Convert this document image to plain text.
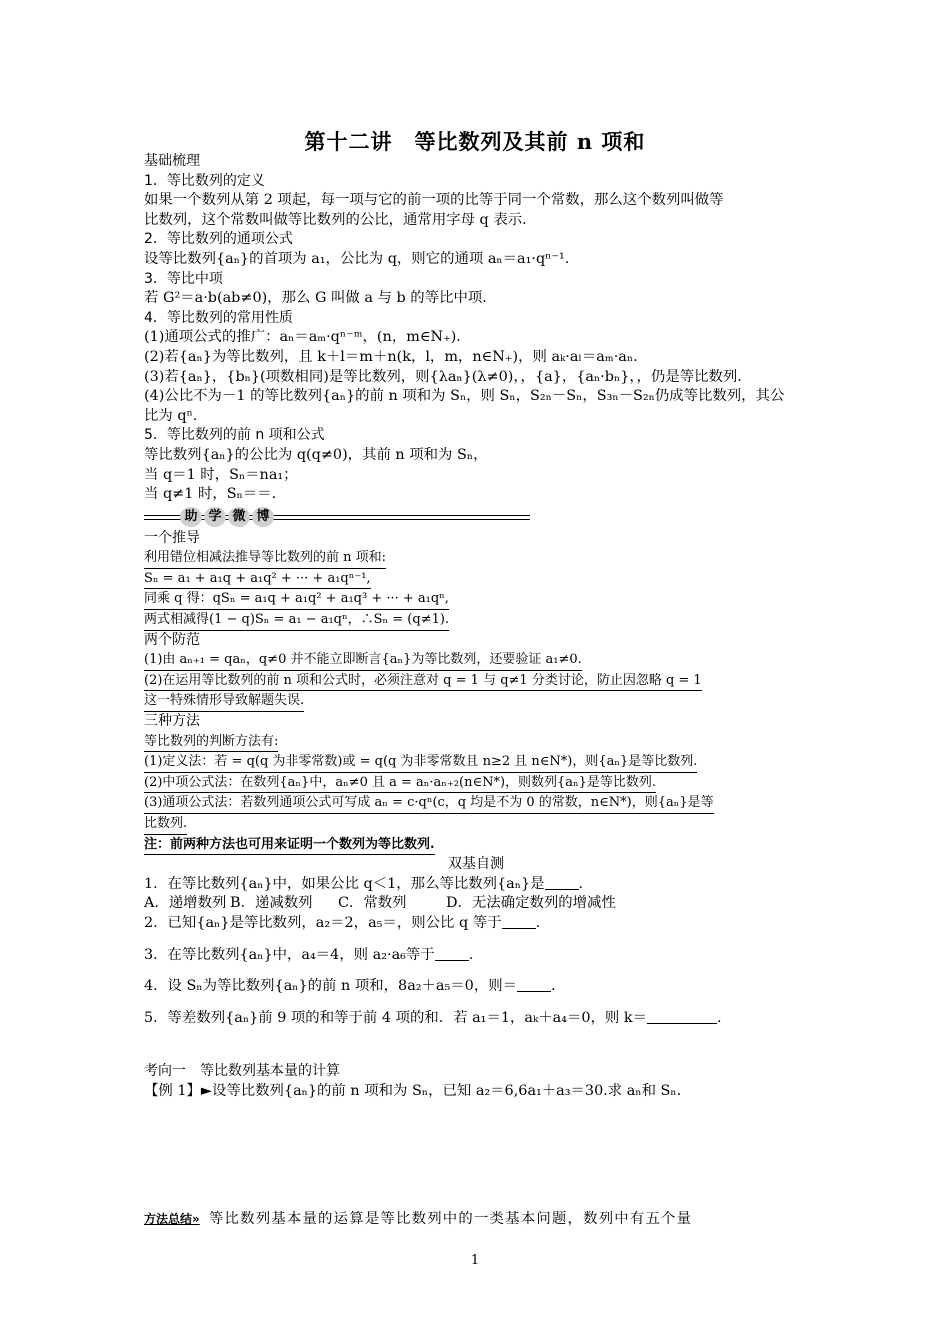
第十二讲　等比数列及其前 n 项和
基础梳理
1．等比数列的定义
如果一个数列从第 2 项起，每一项与它的前一项的比等于同一个常数，那么这个数列叫做等
比数列，这个常数叫做等比数列的公比，通常用字母 q 表示．
2．等比数列的通项公式
设等比数列{aₙ}的首项为 a₁，公比为 q，则它的通项 aₙ＝a₁·qⁿ⁻¹.
3．等比中项
若 G²＝a·b(ab≠0)，那么 G 叫做 a 与 b 的等比中项．
4．等比数列的常用性质
(1)通项公式的推广：aₙ＝aₘ·qⁿ⁻ᵐ，(n，m∈N₊)．
(2)若{aₙ}为等比数列，且 k＋l＝m＋n(k，l，m，n∈N₊)，则 aₖ·aₗ＝aₘ·aₙ.
(3)若{aₙ}，{bₙ}(项数相同)是等比数列，则{λaₙ}(λ≠0)，，{a}，{aₙ·bₙ}，，仍是等比数列．
(4)公比不为－1 的等比数列{aₙ}的前 n 项和为 Sₙ，则 Sₙ，S₂ₙ－Sₙ，S₃ₙ－S₂ₙ仍成等比数列，其公
比为 qⁿ.
5．等比数列的前 n 项和公式
等比数列{aₙ}的公比为 q(q≠0)，其前 n 项和为 Sₙ，
当 q＝1 时，Sₙ＝na₁；
当 q≠1 时，Sₙ＝＝.
助 学 微 博
一个推导
利用错位相减法推导等比数列的前 n 项和:
Sₙ = a₁ + a₁q + a₁q² + ··· + a₁qⁿ⁻¹,
同乘 q 得：qSₙ = a₁q + a₁q² + a₁q³ + ··· + a₁qⁿ,
两式相减得(1 − q)Sₙ = a₁ − a₁qⁿ，∴Sₙ = (q≠1).
两个防范
(1)由 aₙ₊₁ = qaₙ，q≠0 并不能立即断言{aₙ}为等比数列，还要验证 a₁≠0.
(2)在运用等比数列的前 n 项和公式时，必须注意对 q = 1 与 q≠1 分类讨论，防止因忽略 q = 1
这一特殊情形导致解题失误.
三种方法
等比数列的判断方法有:
(1)定义法：若 = q(q 为非零常数)或 = q(q 为非零常数且 n≥2 且 n∈N*)，则{aₙ}是等比数列.
(2)中项公式法：在数列{aₙ}中，aₙ≠0 且 a = aₙ·aₙ₊₂(n∈N*)，则数列{aₙ}是等比数列.
(3)通项公式法：若数列通项公式可写成 aₙ = c·qⁿ(c，q 均是不为 0 的常数，n∈N*)，则{aₙ}是等
比数列.
注：前两种方法也可用来证明一个数列为等比数列.
双基自测
1．在等比数列{aₙ}中，如果公比 q＜1，那么等比数列{aₙ}是 .
A．递增数列 B．递减数列 C．常数列	D．无法确定数列的增减性
2．已知{aₙ}是等比数列，a₂＝2，a₅＝，则公比 q 等于 .
3．在等比数列{aₙ}中，a₄＝4，则 a₂·a₆等于 .
4．设 Sₙ为等比数列{aₙ}的前 n 项和，8a₂＋a₅＝0，则＝ .
5．等差数列{aₙ}前 9 项的和等于前 4 项的和．若 a₁＝1，aₖ＋a₄＝0，则 k＝	.
考向一　等比数列基本量的计算
【例 1】►设等比数列{aₙ}的前 n 项和为 Sₙ，已知 a₂＝6,6a₁＋a₃＝30.求 aₙ和 Sₙ.
方法总结» 等比数列基本量的运算是等比数列中的一类基本问题，数列中有五个量
1
